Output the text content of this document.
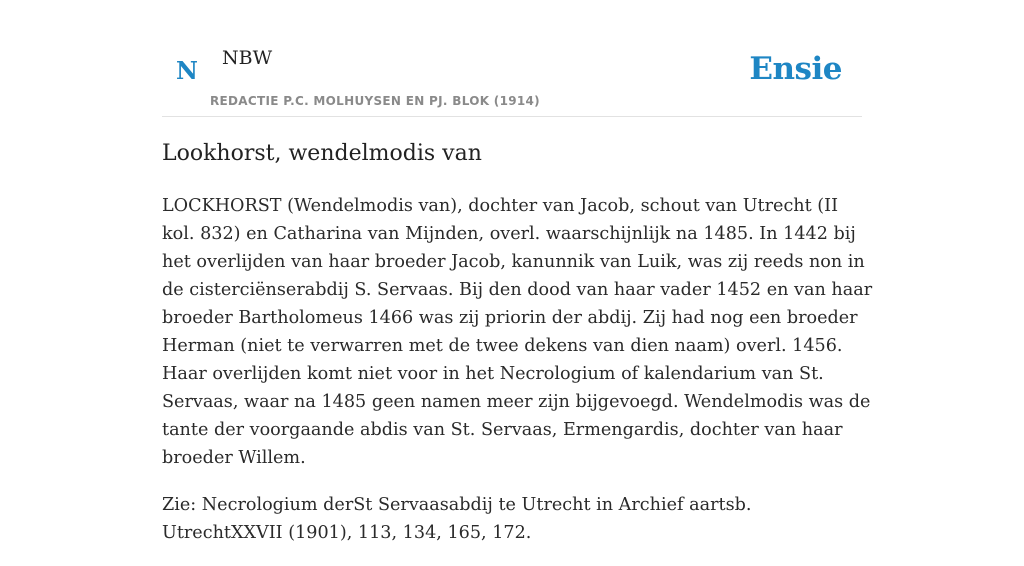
N NBW
REDACTIE P.C. MOLHUYSEN EN PJ. BLOK (1914)
Ensie
Lookhorst, wendelmodis van

LOCKHORST (Wendelmodis van), dochter van Jacob, schout van Utrecht (II kol. 832) en Catharina van Mijnden, overl. waarschijnlijk na 1485. In 1442 bij het overlijden van haar broeder Jacob, kanunnik van Luik, was zij reeds non in de cisterciënserabdij S. Servaas. Bij den dood van haar vader 1452 en van haar broeder Bartholomeus 1466 was zij priorin der abdij. Zij had nog een broeder Herman (niet te verwarren met de twee dekens van dien naam) overl. 1456. Haar overlijden komt niet voor in het Necrologium of kalendarium van St. Servaas, waar na 1485 geen namen meer zijn bijgevoegd. Wendelmodis was de tante der voorgaande abdis van St. Servaas, Ermengardis, dochter van haar broeder Willem.

Zie: Necrologium derSt Servaasabdij te Utrecht in Archief aartsb. UtrechtXXVII (1901), 113, 134, 165, 172.
